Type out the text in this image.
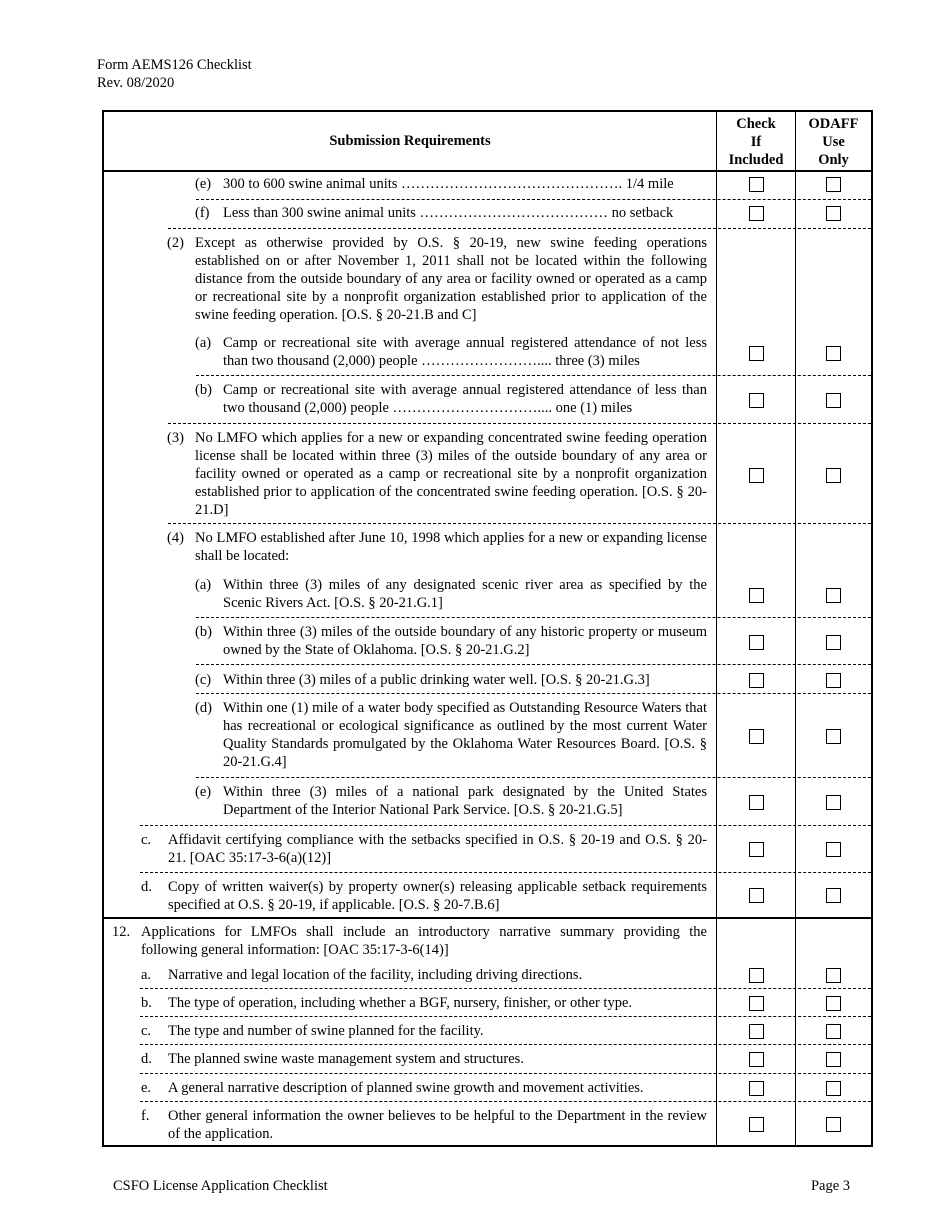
Form AEMS126 Checklist
Rev. 08/2020
Submission Requirements
Check
If
Included
ODAFF
Use
Only
(e) 300 to 600 swine animal units ………………………………………. 1/4 mile
(f) Less than 300 swine animal units ………………………………… no setback
(2) Except as otherwise provided by O.S. § 20-19, new swine feeding operations established on or after November 1, 2011 shall not be located within the following distance from the outside boundary of any area or facility owned or operated as a camp or recreational site by a nonprofit organization established prior to application of the swine feeding operation. [O.S. § 20-21.B and C]
(a) Camp or recreational site with average annual registered attendance of not less than two thousand (2,000) people …………………….... three (3) miles
(b) Camp or recreational site with average annual registered attendance of less than two thousand (2,000) people ………………………….... one (1) miles
(3) No LMFO which applies for a new or expanding concentrated swine feeding operation license shall be located within three (3) miles of the outside boundary of any area or facility owned or operated as a camp or recreational site by a nonprofit organization established prior to application of the concentrated swine feeding operation. [O.S. § 20-21.D]
(4) No LMFO established after June 10, 1998 which applies for a new or expanding license shall be located:
(a) Within three (3) miles of any designated scenic river area as specified by the Scenic Rivers Act. [O.S. § 20-21.G.1]
(b) Within three (3) miles of the outside boundary of any historic property or museum owned by the State of Oklahoma. [O.S. § 20-21.G.2]
(c) Within three (3) miles of a public drinking water well. [O.S. § 20-21.G.3]
(d) Within one (1) mile of a water body specified as Outstanding Resource Waters that has recreational or ecological significance as outlined by the most current Water Quality Standards promulgated by the Oklahoma Water Resources Board. [O.S. § 20-21.G.4]
(e) Within three (3) miles of a national park designated by the United States Department of the Interior National Park Service. [O.S. § 20-21.G.5]
c. Affidavit certifying compliance with the setbacks specified in O.S. § 20-19 and O.S. § 20-21. [OAC 35:17-3-6(a)(12)]
d. Copy of written waiver(s) by property owner(s) releasing applicable setback requirements specified at O.S. § 20-19, if applicable. [O.S. § 20-7.B.6]
12. Applications for LMFOs shall include an introductory narrative summary providing the following general information: [OAC 35:17-3-6(14)]
a. Narrative and legal location of the facility, including driving directions.
b. The type of operation, including whether a BGF, nursery, finisher, or other type.
c. The type and number of swine planned for the facility.
d. The planned swine waste management system and structures.
e. A general narrative description of planned swine growth and movement activities.
f. Other general information the owner believes to be helpful to the Department in the review of the application.
CSFO License Application Checklist	Page 3
